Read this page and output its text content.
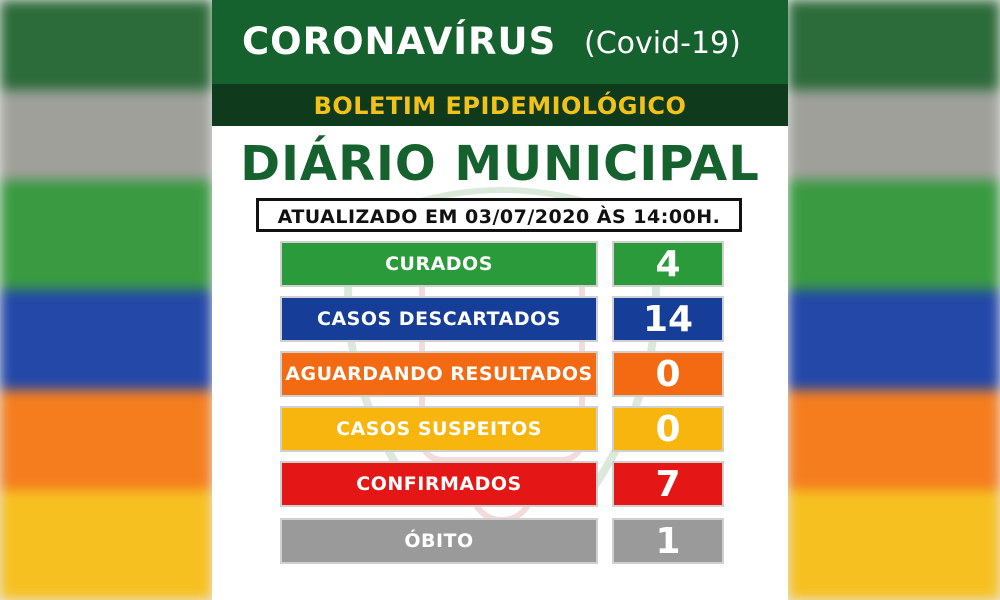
CORONAVÍRUS (Covid-19)
BOLETIM EPIDEMIOLÓGICO
DIÁRIO MUNICIPAL
ATUALIZADO EM 03/07/2020 ÀS 14:00H.
CURADOS	4
CASOS DESCARTADOS	14
AGUARDANDO RESULTADOS	0
CASOS SUSPEITOS	0
CONFIRMADOS	7
ÓBITO	1
